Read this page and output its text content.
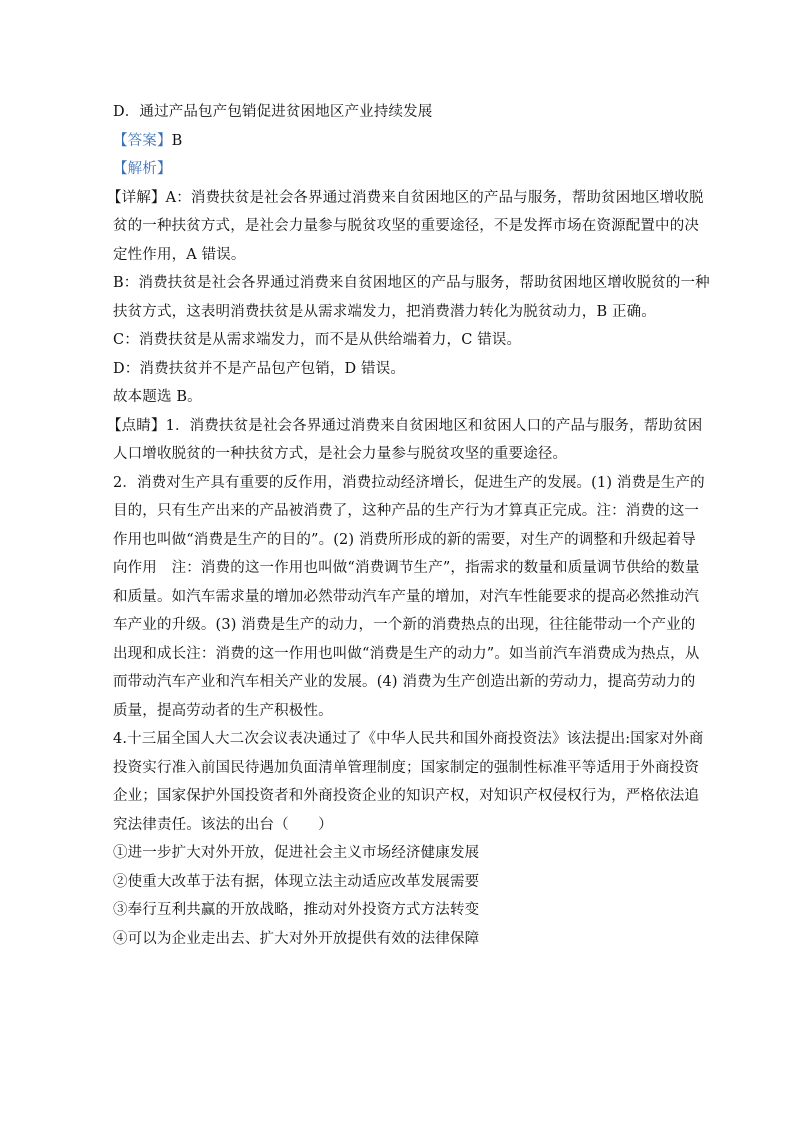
D．通过产品包产包销促进贫困地区产业持续发展
【答案】B
【解析】
【详解】A：消费扶贫是社会各界通过消费来自贫困地区的产品与服务，帮助贫困地区增收脱
贫的一种扶贫方式，是社会力量参与脱贫攻坚的重要途径，不是发挥市场在资源配置中的决
定性作用，A 错误。
B：消费扶贫是社会各界通过消费来自贫困地区的产品与服务，帮助贫困地区增收脱贫的一种
扶贫方式，这表明消费扶贫是从需求端发力，把消费潜力转化为脱贫动力，B 正确。
C：消费扶贫是从需求端发力，而不是从供给端着力，C 错误。
D：消费扶贫并不是产品包产包销，D 错误。
故本题选 B。
【点睛】1．消费扶贫是社会各界通过消费来自贫困地区和贫困人口的产品与服务，帮助贫困
人口增收脱贫的一种扶贫方式，是社会力量参与脱贫攻坚的重要途径。
2．消费对生产具有重要的反作用，消费拉动经济增长，促进生产的发展。(1) 消费是生产的
目的，只有生产出来的产品被消费了，这种产品的生产行为才算真正完成。注：消费的这一
作用也叫做“消费是生产的目的”。(2) 消费所形成的新的需要，对生产的调整和升级起着导
向作用　注：消费的这一作用也叫做“消费调节生产”，指需求的数量和质量调节供给的数量
和质量。如汽车需求量的增加必然带动汽车产量的增加，对汽车性能要求的提高必然推动汽
车产业的升级。(3) 消费是生产的动力，一个新的消费热点的出现，往往能带动一个产业的
出现和成长注：消费的这一作用也叫做“消费是生产的动力”。如当前汽车消费成为热点，从
而带动汽车产业和汽车相关产业的发展。(4) 消费为生产创造出新的劳动力，提高劳动力的
质量，提高劳动者的生产积极性。
4.十三届全国人大二次会议表决通过了《中华人民共和国外商投资法》该法提出:国家对外商
投资实行准入前国民待遇加负面清单管理制度；国家制定的强制性标准平等适用于外商投资
企业；国家保护外国投资者和外商投资企业的知识产权，对知识产权侵权行为，严格依法追
究法律责任。该法的出台（　　）
①进一步扩大对外开放，促进社会主义市场经济健康发展
②使重大改革于法有据，体现立法主动适应改革发展需要
③奉行互利共赢的开放战略，推动对外投资方式方法转变
④可以为企业走出去、扩大对外开放提供有效的法律保障
